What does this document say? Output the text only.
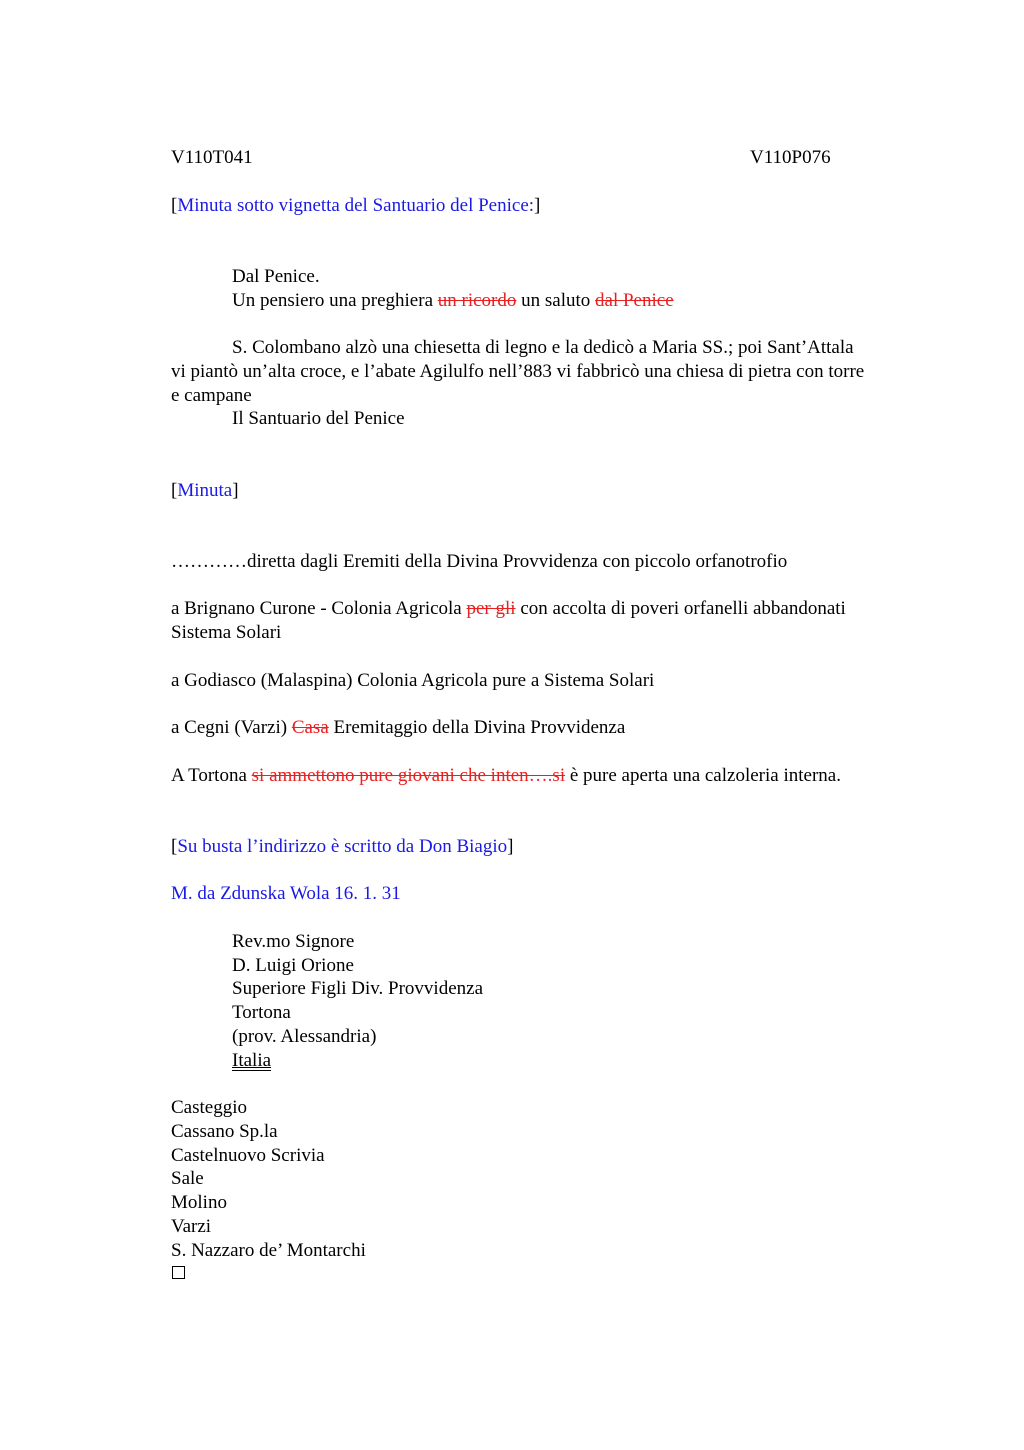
V110T041	V110P076
[Minuta sotto vignetta del Santuario del Penice:]
Dal Penice.
Un pensiero una preghiera un ricordo un saluto dal Penice
S. Colombano alzò una chiesetta di legno e la dedicò a Maria SS.; poi Sant’Attala
vi piantò un’alta croce, e l’abate Agilulfo nell’883 vi fabbricò una chiesa di pietra con torre
e campane
Il Santuario del Penice
[Minuta]
…………diretta dagli Eremiti della Divina Provvidenza con piccolo orfanotrofio
a Brignano Curone - Colonia Agricola per gli con accolta di poveri orfanelli abbandonati
Sistema Solari
a Godiasco (Malaspina) Colonia Agricola pure a Sistema Solari
a Cegni (Varzi) Casa Eremitaggio della Divina Provvidenza
A Tortona si ammettono pure giovani che inten….si è pure aperta una calzoleria interna.
[Su busta l’indirizzo è scritto da Don Biagio]
M. da Zdunska Wola 16. 1. 31
Rev.mo Signore
D. Luigi Orione
Superiore Figli Div. Provvidenza
Tortona
(prov. Alessandria)
Italia
Casteggio
Cassano Sp.la
Castelnuovo Scrivia
Sale
Molino
Varzi
S. Nazzaro de’ Montarchi
